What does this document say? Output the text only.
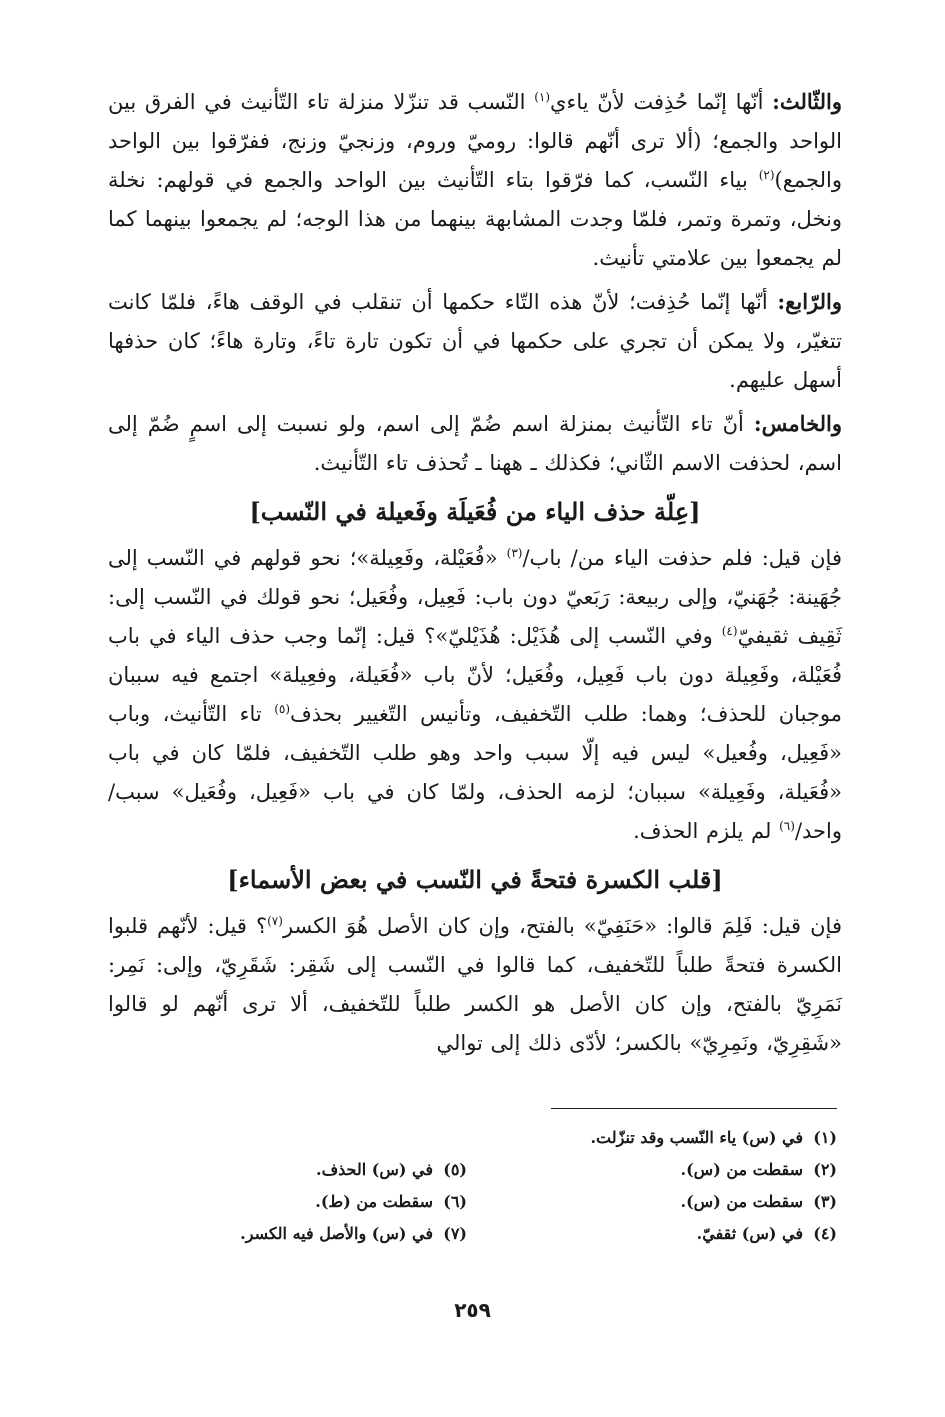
والثّالث: أنّها إنّما حُذِفت لأنّ ياءي$^{(١)}$ النّسب قد تنزّلا منزلة تاء التّأنيث في الفرق بين الواحد والجمع؛ (ألا ترى أنّهم قالوا: روميّ وروم، وزنجيّ وزنج، ففرّقوا بين الواحد والجمع)$^{(٢)}$ بياء النّسب، كما فرّقوا بتاء التّأنيث بين الواحد والجمع في قولهم: نخلة ونخل، وتمرة وتمر، فلمّا وجدت المشابهة بينهما من هذا الوجه؛ لم يجمعوا بينهما كما لم يجمعوا بين علامتي تأنيث.

والرّابع: أنّها إنّما حُذِفت؛ لأنّ هذه التّاء حكمها أن تنقلب في الوقف هاءً، فلمّا كانت تتغيّر، ولا يمكن أن تجري على حكمها في أن تكون تارة تاءً، وتارة هاءً؛ كان حذفها أسهل عليهم.

والخامس: أنّ تاء التّأنيث بمنزلة اسم ضُمّ إلى اسم، ولو نسبت إلى اسمٍ ضُمّ إلى اسم، لحذفت الاسم الثّاني؛ فكذلك ـ ههنا ـ تُحذف تاء التّأنيث.

[عِلّة حذف الياء من فُعَيلَة وفَعيلة في النّسب]

فإن قيل: فلم حذفت الياء من/ باب/$^{(٣)}$ «فُعَيْلة، وفَعِيلة»؛ نحو قولهم في النّسب إلى جُهَينة: جُهَنيّ، وإلى ربيعة: رَبَعيّ دون باب: فَعِيل، وفُعَيل؛ نحو قولك في النّسب إلى: ثَقِيف ثقيفيّ$^{(٤)}$ وفي النّسب إلى هُذَيْل: هُذَيْليّ»؟ قيل: إنّما وجب حذف الياء في باب فُعَيْلة، وفَعِيلة دون باب فَعِيل، وفُعَيل؛ لأنّ باب «فُعَيلة، وفعِيلة» اجتمع فيه سببان موجبان للحذف؛ وهما: طلب التّخفيف، وتأنيس التّغيير بحذف$^{(٥)}$ تاء التّأنيث، وباب «فَعِيل، وفُعيل» ليس فيه إلّا سبب واحد وهو طلب التّخفيف، فلمّا كان في باب «فُعَيلة، وفَعِيلة» سببان؛ لزمه الحذف، ولمّا كان في باب «فَعِيل، وفُعَيل» سبب/ واحد/$^{(٦)}$ لم يلزم الحذف.

[قلب الكسرة فتحةً في النّسب في بعض الأسماء]

فإن قيل: فَلِمَ قالوا: «حَنَفِيّ» بالفتح، وإن كان الأصل هُوَ الكسر$^{(٧)}$؟ قيل: لأنّهم قلبوا الكسرة فتحةً طلباً للتّخفيف، كما قالوا في النّسب إلى شَقِر: شَقَرِيّ، وإلى: نَمِر: نَمَرِيّ بالفتح، وإن كان الأصل هو الكسر طلباً للتّخفيف، ألا ترى أنّهم لو قالوا «شَقِرِيّ، ونَمِرِيّ» بالكسر؛ لأدّى ذلك إلى توالي

(١)في (س) ياء النّسب وقد تنزّلت.
(٢)سقطت من (س).
(٣)سقطت من (س).
(٤)في (س) ثقفيّ.
(٥)في (س) الحذف.
(٦)سقطت من (ط).
(٧)في (س) والأصل فيه الكسر.
٢٥٩
